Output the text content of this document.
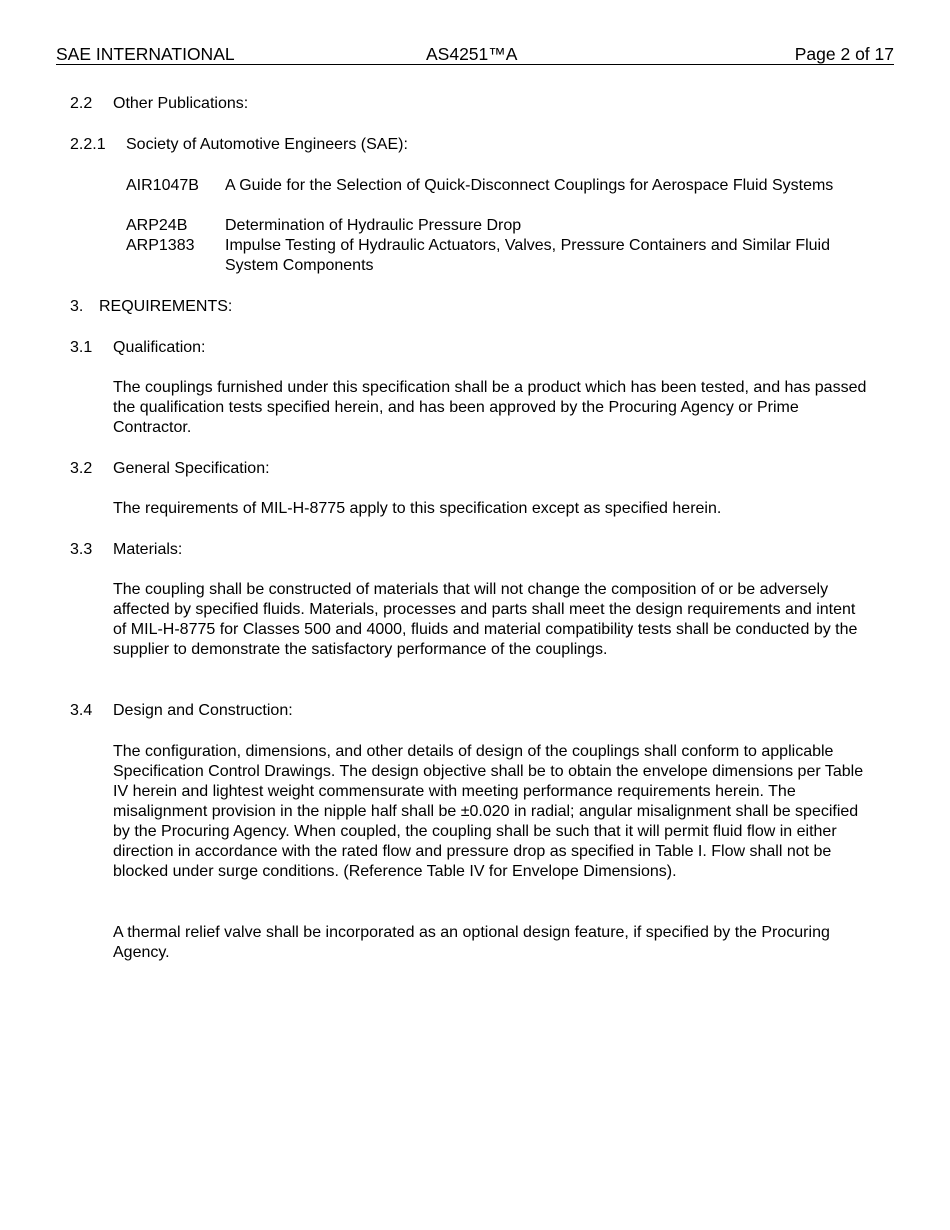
SAE INTERNATIONAL	AS4251™A	Page 2 of 17
2.2 Other Publications:
2.2.1 Society of Automotive Engineers (SAE):
AIR1047B A Guide for the Selection of Quick-Disconnect Couplings for Aerospace Fluid Systems
ARP24B Determination of Hydraulic Pressure Drop
ARP1383 Impulse Testing of Hydraulic Actuators, Valves, Pressure Containers and Similar Fluid System Components
3. REQUIREMENTS:
3.1 Qualification:
The couplings furnished under this specification shall be a product which has been tested, and has passed the qualification tests specified herein, and has been approved by the Procuring Agency or Prime Contractor.
3.2 General Specification:
The requirements of MIL-H-8775 apply to this specification except as specified herein.
3.3 Materials:
The coupling shall be constructed of materials that will not change the composition of or be adversely affected by specified fluids. Materials, processes and parts shall meet the design requirements and intent of MIL-H-8775 for Classes 500 and 4000, fluids and material compatibility tests shall be conducted by the supplier to demonstrate the satisfactory performance of the couplings.
3.4 Design and Construction:
The configuration, dimensions, and other details of design of the couplings shall conform to applicable Specification Control Drawings. The design objective shall be to obtain the envelope dimensions per Table IV herein and lightest weight commensurate with meeting performance requirements herein. The misalignment provision in the nipple half shall be ±0.020 in radial; angular misalignment shall be specified by the Procuring Agency. When coupled, the coupling shall be such that it will permit fluid flow in either direction in accordance with the rated flow and pressure drop as specified in Table I. Flow shall not be blocked under surge conditions. (Reference Table IV for Envelope Dimensions).
A thermal relief valve shall be incorporated as an optional design feature, if specified by the Procuring Agency.
